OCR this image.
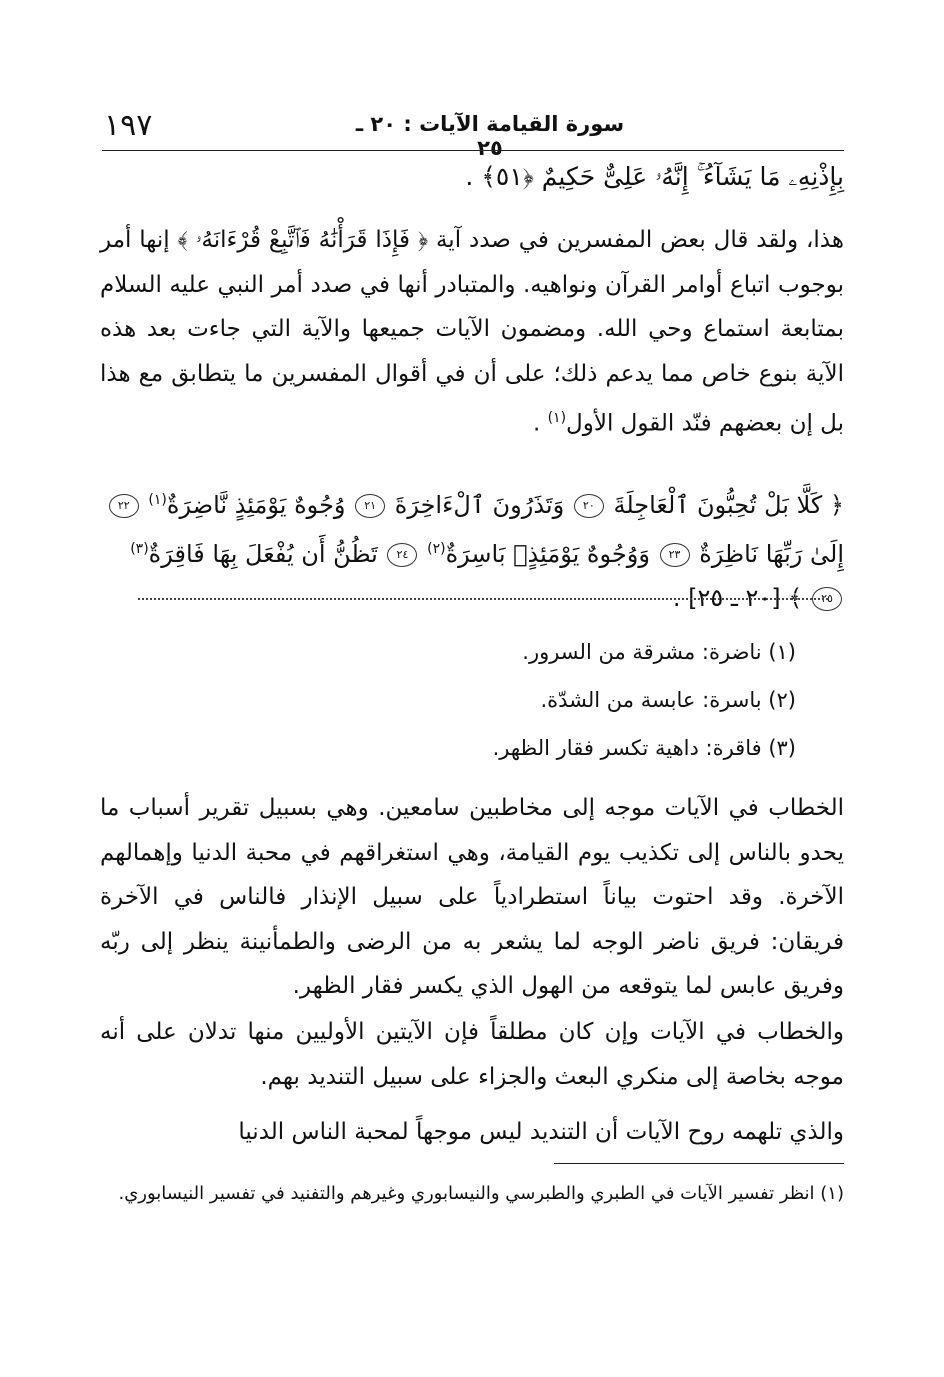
١٩٧	سورة القيامة الآيات : ٢٠ ـ ٢٥
بِإِذْنِهِۦ مَا يَشَآءُ ۚ إِنَّهُۥ عَلِىٌّ حَكِيمٌ ﴿٥١﴾ .
هذا، ولقد قال بعض المفسرين في صدد آية ﴿ فَإِذَا قَرَأْنَٰهُ فَٱتَّبِعْ قُرْءَانَهُۥ ﴾ إنها أمر بوجوب اتباع أوامر القرآن ونواهيه. والمتبادر أنها في صدد أمر النبي عليه السلام بمتابعة استماع وحي الله. ومضمون الآيات جميعها والآية التي جاءت بعد هذه الآية بنوع خاص مما يدعم ذلك؛ على أن في أقوال المفسرين ما يتطابق مع هذا بل إن بعضهم فنّد القول الأول$^{(١)}$ .
﴿ كَلَّا بَلْ تُحِبُّونَ ٱلْعَاجِلَةَ ٢٠ وَتَذَرُونَ ٱلْءَاخِرَةَ ٢١ وُجُوهٌ يَوْمَئِذٍ نَّاضِرَةٌ$^{(١)}$ ٢٢ إِلَىٰ رَبِّهَا نَاظِرَةٌ ٢٣ وَوُجُوهٌ يَوْمَئِذٍۭ بَاسِرَةٌ$^{(٢)}$ ٢٤ تَظُنُّ أَن يُفْعَلَ بِهَا فَاقِرَةٌ$^{(٣)}$ ٢٥ ﴾ [٢٠ ـ ٢٥] .
(١) ناضرة: مشرقة من السرور.
(٢) باسرة: عابسة من الشدّة.
(٣) فاقرة: داهية تكسر فقار الظهر.
الخطاب في الآيات موجه إلى مخاطبين سامعين. وهي بسبيل تقرير أسباب ما يحدو بالناس إلى تكذيب يوم القيامة، وهي استغراقهم في محبة الدنيا وإهمالهم الآخرة. وقد احتوت بياناً استطرادياً على سبيل الإنذار فالناس في الآخرة فريقان: فريق ناضر الوجه لما يشعر به من الرضى والطمأنينة ينظر إلى ربّه وفريق عابس لما يتوقعه من الهول الذي يكسر فقار الظهر.
والخطاب في الآيات وإن كان مطلقاً فإن الآيتين الأوليين منها تدلان على أنه موجه بخاصة إلى منكري البعث والجزاء على سبيل التنديد بهم.
والذي تلهمه روح الآيات أن التنديد ليس موجهاً لمحبة الناس الدنيا
(١) انظر تفسير الآيات في الطبري والطبرسي والنيسابوري وغيرهم والتفنيد في تفسير النيسابوري.
